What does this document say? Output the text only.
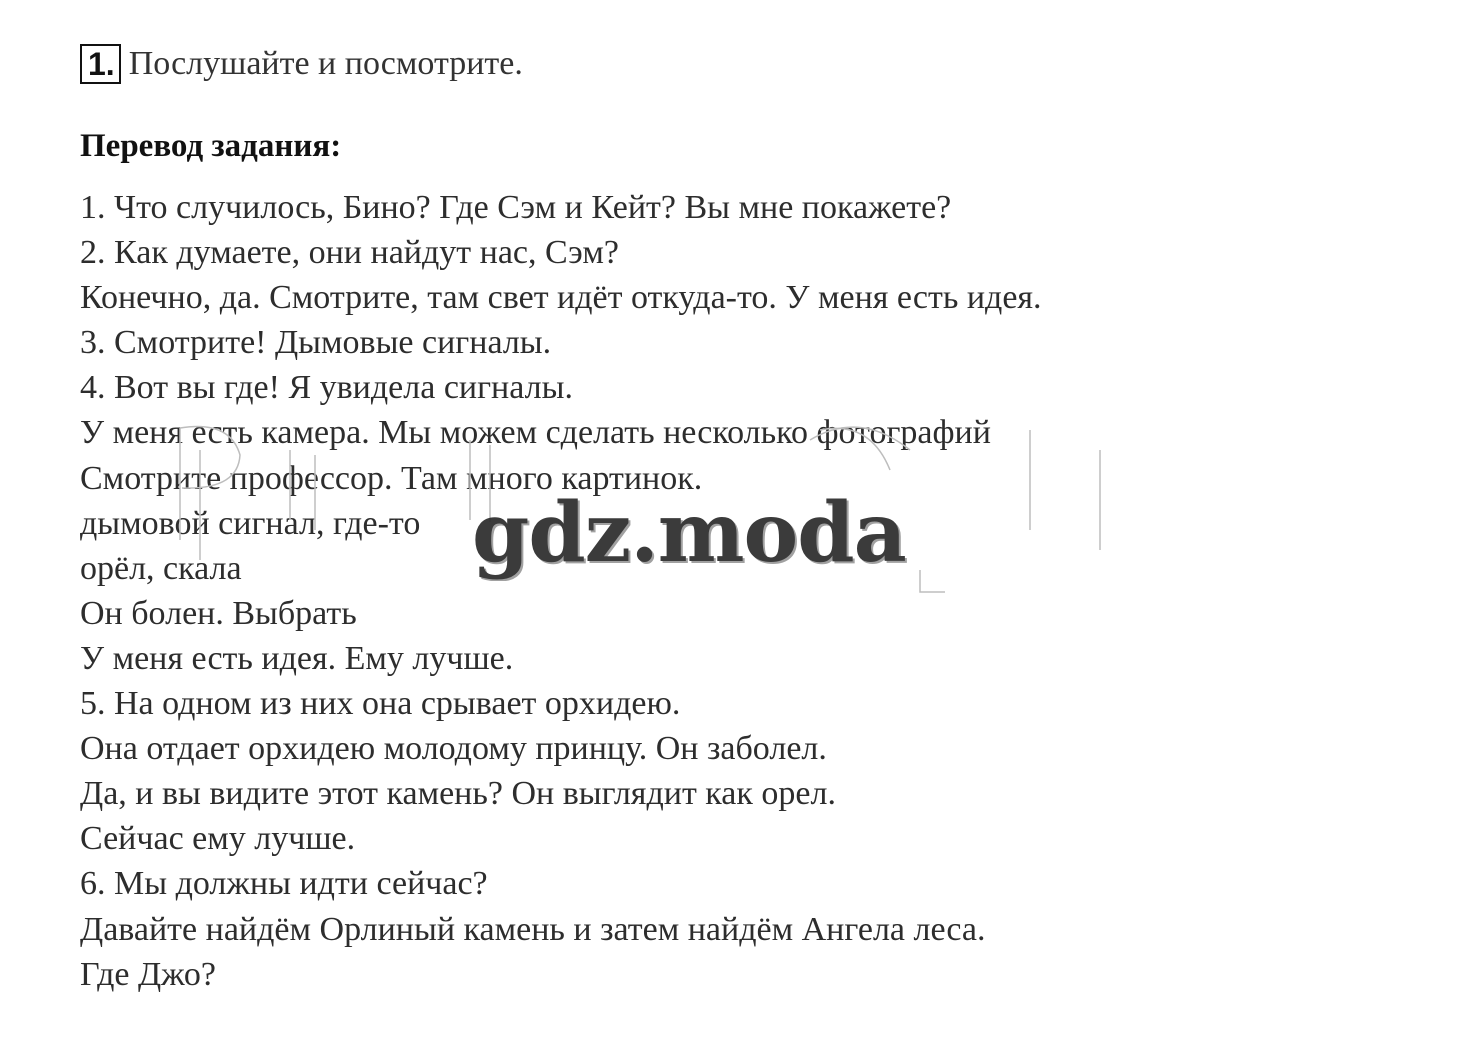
1. Послушайте и посмотрите.
Перевод задания:
1. Что случилось, Бино? Где Сэм и Кейт? Вы мне покажете?
2. Как думаете, они найдут нас, Сэм?
Конечно, да. Смотрите, там свет идёт откуда-то. У меня есть идея.
3. Смотрите! Дымовые сигналы.
4. Вот вы где! Я увидела сигналы.
У меня есть камера. Мы можем сделать несколько фотографий
Смотрите профессор. Там много картинок.
дымовой сигнал, где-то
орёл, скала
Он болен. Выбрать
У меня есть идея. Ему лучше.
5. На одном из них она срывает орхидею.
Она отдает орхидею молодому принцу. Он заболел.
Да, и вы видите этот камень? Он выглядит как орел.
Сейчас ему лучше.
6. Мы должны идти сейчас?
Давайте найдём Орлиный камень и затем найдём Ангела леса.
Где Джо?
gdz.moda
